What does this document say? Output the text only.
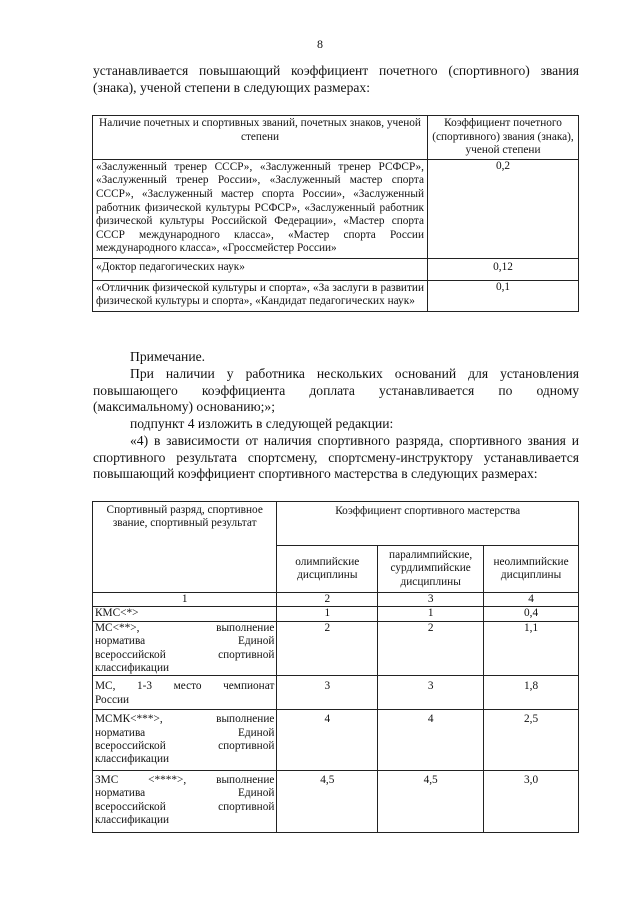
8
устанавливается повышающий коэффициент почетного (спортивного) звания (знака), ученой степени в следующих размерах:
Наличие почетных и спортивных званий, почетных знаков, ученой степени	Коэффициент почетного (спортивного) звания (знака), ученой степени
«Заслуженный тренер СССР», «Заслуженный тренер РСФСР», «Заслуженный тренер России», «Заслуженный мастер спорта СССР», «Заслуженный мастер спорта России», «Заслуженный работник физической культуры РСФСР», «Заслуженный работник физической культуры Российской Федерации», «Мастер спорта СССР международного класса», «Мастер спорта России международного класса», «Гроссмейстер России»	0,2
«Доктор педагогических наук»	0,12
«Отличник физической культуры и спорта», «За заслуги в развитии физической культуры и спорта», «Кандидат педагогических наук»	0,1
Примечание.
При наличии у работника нескольких оснований для установления повышающего коэффициента доплата устанавливается по одному (максимальному) основанию;»;
подпункт 4 изложить в следующей редакции:
«4) в зависимости от наличия спортивного разряда, спортивного звания и спортивного результата спортсмену, спортсмену-инструктору устанавливается повышающий коэффициент спортивного мастерства в следующих размерах:
Спортивный разряд, спортивное звание, спортивный результат	Коэффициент спортивного мастерства		
	олимпийские дисциплины	паралимпийские, сурдлимпийские дисциплины	неолимпийские дисциплины
1	2	3	4

КМС<*>	1	1	0,4

МС<**>, выполнение
норматива Единой
всероссийской спортивной
классификации	2	2	1,1

МС, 1-3 место чемпионат
России	3	3	1,8

МСМК<***>, выполнение
норматива Единой
всероссийской спортивной
классификации	4	4	2,5

ЗМС <****>, выполнение
норматива Единой
всероссийской спортивной
классификации	4,5	4,5	3,0
